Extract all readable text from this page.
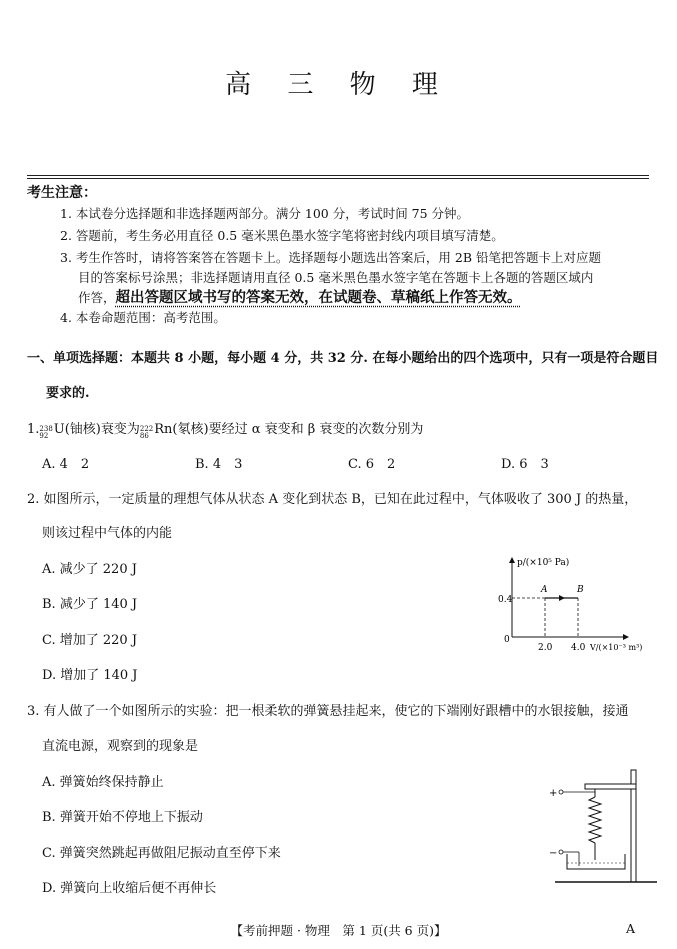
高 三 物 理
考生注意：
1. 本试卷分选择题和非选择题两部分。满分 100 分，考试时间 75 分钟。
2. 答题前，考生务必用直径 0.5 毫米黑色墨水签字笔将密封线内项目填写清楚。
3. 考生作答时，请将答案答在答题卡上。选择题每小题选出答案后，用 2B 铅笔把答题卡上对应题
目的答案标号涂黑；非选择题请用直径 0.5 毫米黑色墨水签字笔在答题卡上各题的答题区域内
作答，超出答题区域书写的答案无效，在试题卷、草稿纸上作答无效。
4. 本卷命题范围：高考范围。
一、单项选择题：本题共 8 小题，每小题 4 分，共 32 分. 在每小题给出的四个选项中，只有一项是符合题目
要求的.
1. $^{238 92}$ U(铀核)衰变为 $^{222 86}$ Rn(氡核)要经过 α 衰变和 β 衰变的次数分别为
A. 4　2	B. 4　3	C. 6　2	D. 6　3
2. 如图所示，一定质量的理想气体从状态 A 变化到状态 B，已知在此过程中，气体吸收了 300 J 的热量，
则该过程中气体的内能
A. 减少了 220 J
B. 减少了 140 J
C. 增加了 220 J
D. 增加了 140 J
p/(×10⁵ Pa)
0.4
0
A	B
2.0 4.0 V/(×10⁻³ m³)
3. 有人做了一个如图所示的实验：把一根柔软的弹簧悬挂起来，使它的下端刚好跟槽中的水银接触，接通
直流电源，观察到的现象是
A. 弹簧始终保持静止
B. 弹簧开始不停地上下振动
C. 弹簧突然跳起再做阻尼振动直至停下来
D. 弹簧向上收缩后便不再伸长
+
−
【考前押题 · 物理　第 1 页(共 6 页)】	A
